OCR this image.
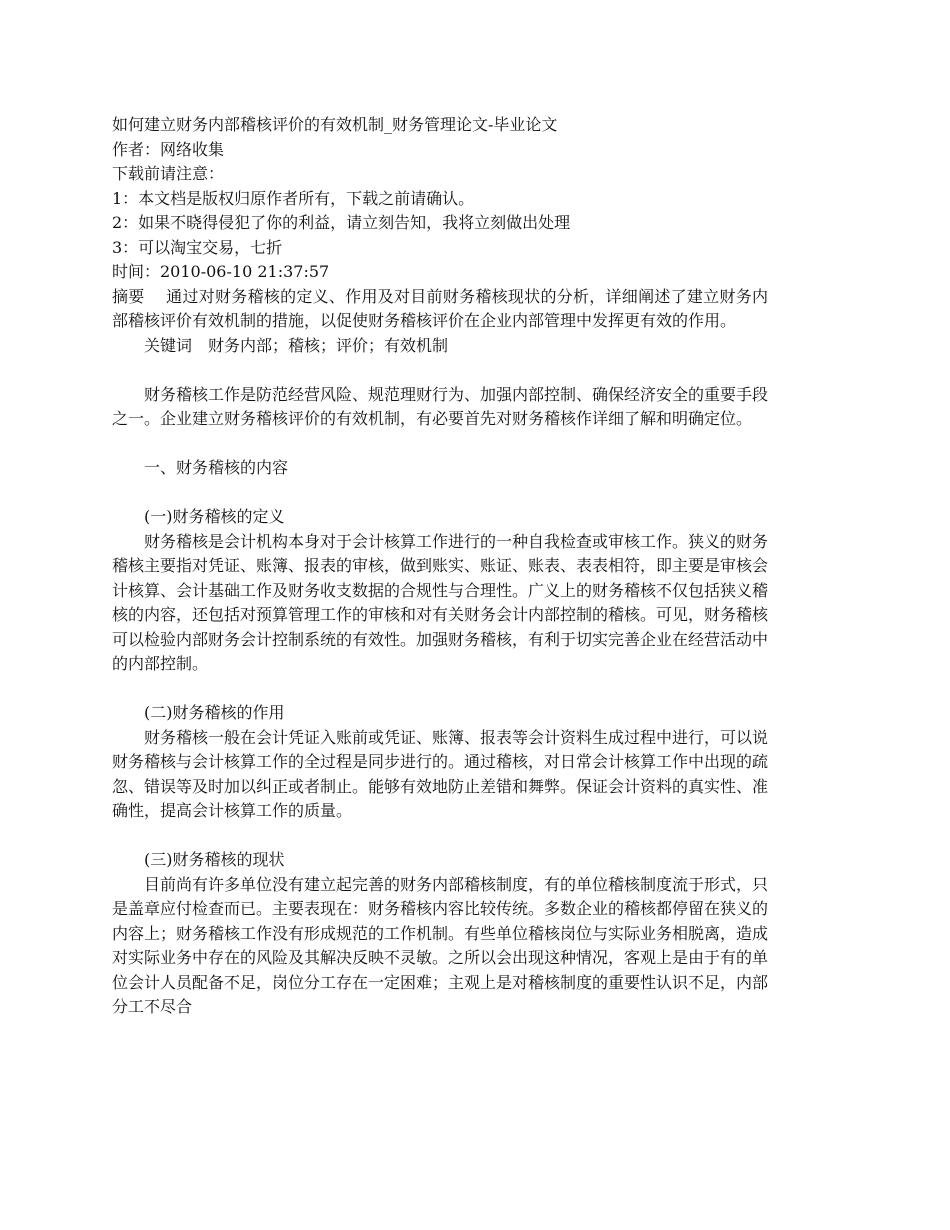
如何建立财务内部稽核评价的有效机制_财务管理论文-毕业论文
作者：网络收集
下载前请注意：
1：本文档是版权归原作者所有，下载之前请确认。
2：如果不晓得侵犯了你的利益，请立刻告知，我将立刻做出处理
3：可以淘宝交易，七折
时间：2010-06-10 21:37:57

摘要　 通过对财务稽核的定义、作用及对目前财务稽核现状的分析，详细阐述了建立财务内部稽核评价有效机制的措施，以促使财务稽核评价在企业内部管理中发挥更有效的作用。

关键词　财务内部；稽核；评价；有效机制

财务稽核工作是防范经营风险、规范理财行为、加强内部控制、确保经济安全的重要手段之一。企业建立财务稽核评价的有效机制，有必要首先对财务稽核作详细了解和明确定位。

一、财务稽核的内容

(一)财务稽核的定义

财务稽核是会计机构本身对于会计核算工作进行的一种自我检查或审核工作。狭义的财务稽核主要指对凭证、账簿、报表的审核，做到账实、账证、账表、表表相符，即主要是审核会计核算、会计基础工作及财务收支数据的合规性与合理性。广义上的财务稽核不仅包括狭义稽核的内容，还包括对预算管理工作的审核和对有关财务会计内部控制的稽核。可见，财务稽核可以检验内部财务会计控制系统的有效性。加强财务稽核，有利于切实完善企业在经营活动中的内部控制。

(二)财务稽核的作用

财务稽核一般在会计凭证入账前或凭证、账簿、报表等会计资料生成过程中进行，可以说财务稽核与会计核算工作的全过程是同步进行的。通过稽核，对日常会计核算工作中出现的疏忽、错误等及时加以纠正或者制止。能够有效地防止差错和舞弊。保证会计资料的真实性、准确性，提高会计核算工作的质量。

(三)财务稽核的现状

目前尚有许多单位没有建立起完善的财务内部稽核制度，有的单位稽核制度流于形式，只是盖章应付检查而已。主要表现在：财务稽核内容比较传统。多数企业的稽核都停留在狭义的内容上；财务稽核工作没有形成规范的工作机制。有些单位稽核岗位与实际业务相脱离，造成对实际业务中存在的风险及其解决反映不灵敏。之所以会出现这种情况，客观上是由于有的单位会计人员配备不足，岗位分工存在一定困难；主观上是对稽核制度的重要性认识不足，内部分工不尽合
